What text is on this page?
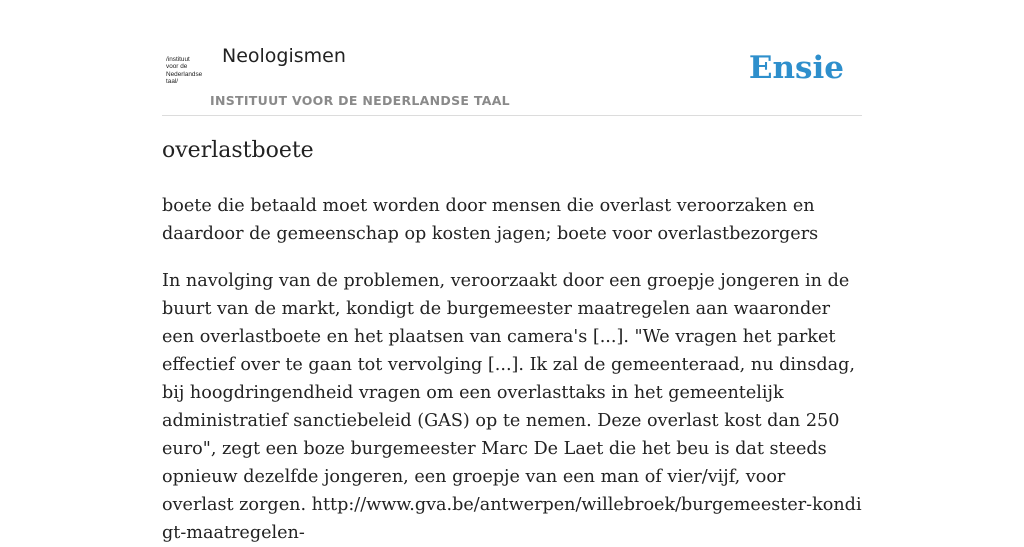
/instituut
voor de
Nederlandse
taal/
Neologismen
INSTITUUT VOOR DE NEDERLANDSE TAAL
Ensie
overlastboete

boete die betaald moet worden door mensen die overlast veroorzaken en daardoor de gemeenschap op kosten jagen; boete voor overlastbezorgers

In navolging van de problemen, veroorzaakt door een groepje jongeren in de buurt van de markt, kondigt de burgemeester maatregelen aan waaronder een overlastboete en het plaatsen van camera's [...]. "We vragen het parket effectief over te gaan tot vervolging [...]. Ik zal de gemeenteraad, nu dinsdag, bij hoogdringendheid vragen om een overlasttaks in het gemeentelijk administratief sanctiebeleid (GAS) op te nemen. Deze overlast kost dan 250 euro", zegt een boze burgemeester Marc De Laet die het beu is dat steeds opnieuw dezelfde jongeren, een groepje van een man of vier/vijf, voor overlast zorgen. http://www.gva.be/antwerpen/willebroek/burgemeester-kondigt-maatregelen-
